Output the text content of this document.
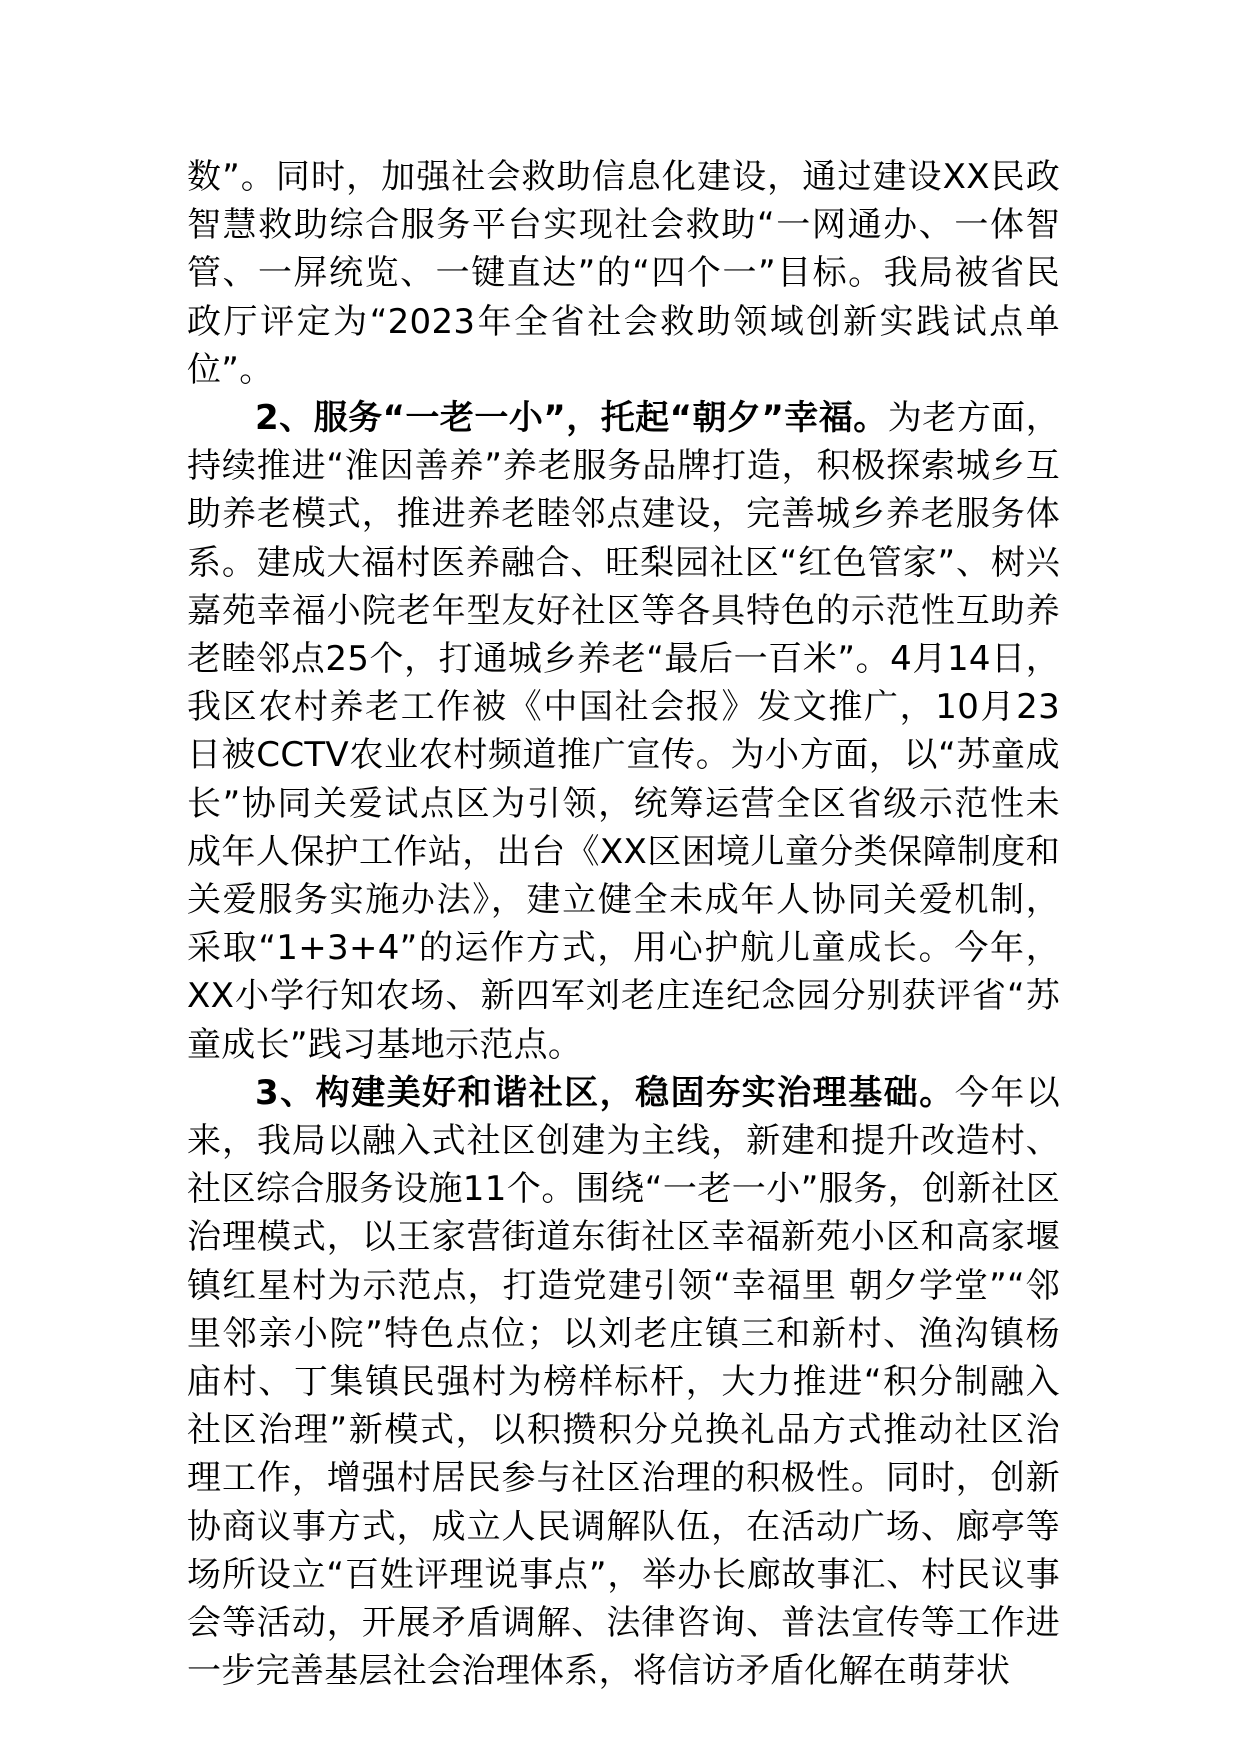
数”。同时，加强社会救助信息化建设，通过建设XX民政智慧救助综合服务平台实现社会救助“一网通办、一体智管、一屏统览、一键直达”的“四个一”目标。我局被省民政厅评定为“2023年全省社会救助领域创新实践试点单位”。

2、服务“一老一小”，托起“朝夕”幸福。为老方面，持续推进“淮因善养”养老服务品牌打造，积极探索城乡互助养老模式，推进养老睦邻点建设，完善城乡养老服务体系。建成大福村医养融合、旺梨园社区“红色管家”、树兴嘉苑幸福小院老年型友好社区等各具特色的示范性互助养老睦邻点25个，打通城乡养老“最后一百米”。4月14日，我区农村养老工作被《中国社会报》发文推广，10月23日被CCTV农业农村频道推广宣传。为小方面，以“苏童成长”协同关爱试点区为引领，统筹运营全区省级示范性未成年人保护工作站，出台《XX区困境儿童分类保障制度和关爱服务实施办法》，建立健全未成年人协同关爱机制，采取“1+3+4”的运作方式，用心护航儿童成长。今年，XX小学行知农场、新四军刘老庄连纪念园分别获评省“苏童成长”践习基地示范点。

3、构建美好和谐社区，稳固夯实治理基础。今年以来，我局以融入式社区创建为主线，新建和提升改造村、社区综合服务设施11个。围绕“一老一小”服务，创新社区治理模式，以王家营街道东街社区幸福新苑小区和高家堰镇红星村为示范点，打造党建引领“幸福里 朝夕学堂”“邻里邻亲小院”特色点位；以刘老庄镇三和新村、渔沟镇杨庙村、丁集镇民强村为榜样标杆，大力推进“积分制融入社区治理”新模式，以积攒积分兑换礼品方式推动社区治理工作，增强村居民参与社区治理的积极性。同时，创新协商议事方式，成立人民调解队伍，在活动广场、廊亭等场所设立“百姓评理说事点”，举办长廊故事汇、村民议事会等活动，开展矛盾调解、法律咨询、普法宣传等工作进一步完善基层社会治理体系，将信访矛盾化解在萌芽状
